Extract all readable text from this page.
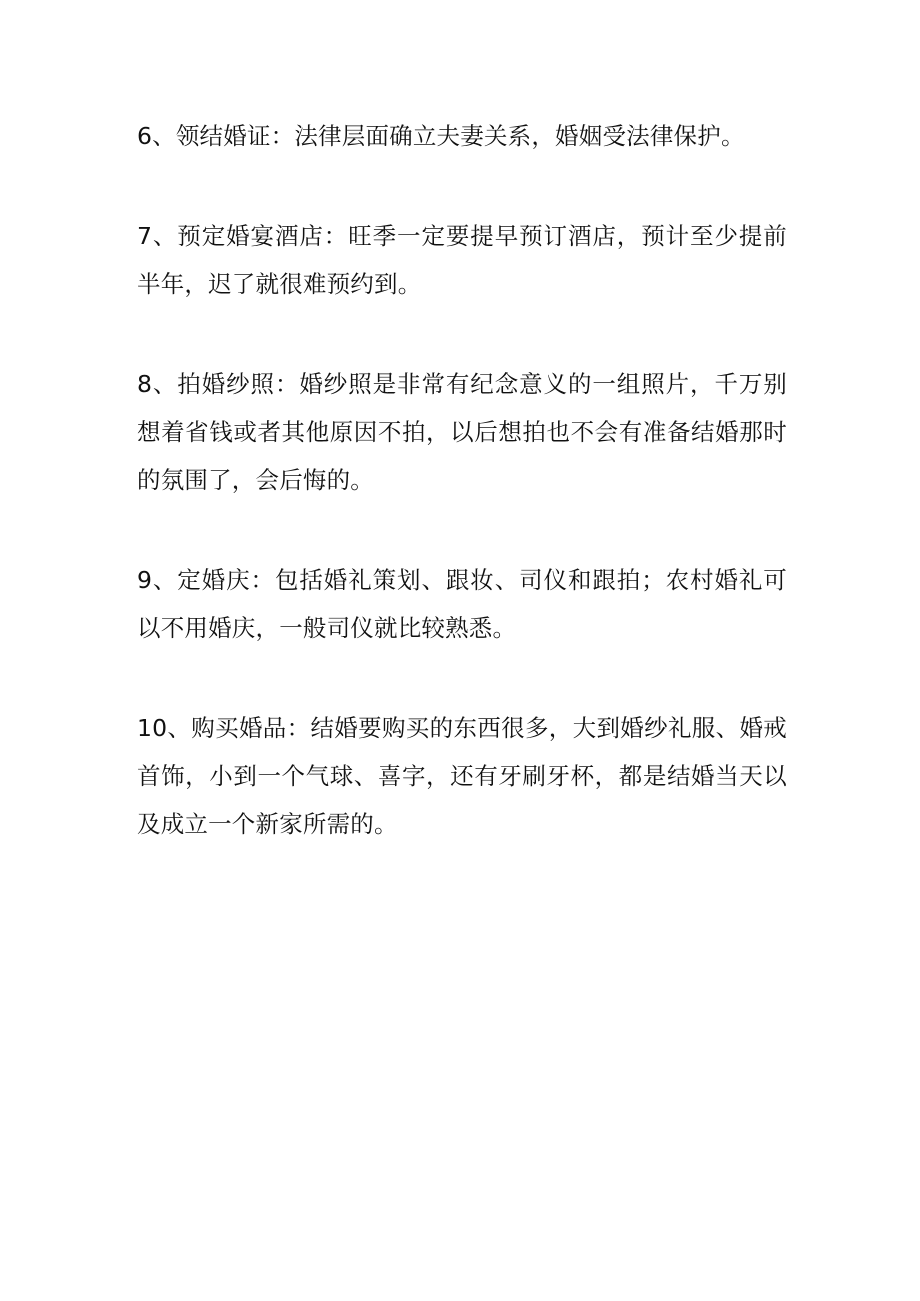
6、领结婚证：法律层面确立夫妻关系，婚姻受法律保护。

7、预定婚宴酒店：旺季一定要提早预订酒店，预计至少提前半年，迟了就很难预约到。

8、拍婚纱照：婚纱照是非常有纪念意义的一组照片，千万别想着省钱或者其他原因不拍，以后想拍也不会有准备结婚那时的氛围了，会后悔的。

9、定婚庆：包括婚礼策划、跟妆、司仪和跟拍；农村婚礼可以不用婚庆，一般司仪就比较熟悉。

10、购买婚品：结婚要购买的东西很多，大到婚纱礼服、婚戒首饰，小到一个气球、喜字，还有牙刷牙杯，都是结婚当天以及成立一个新家所需的。
